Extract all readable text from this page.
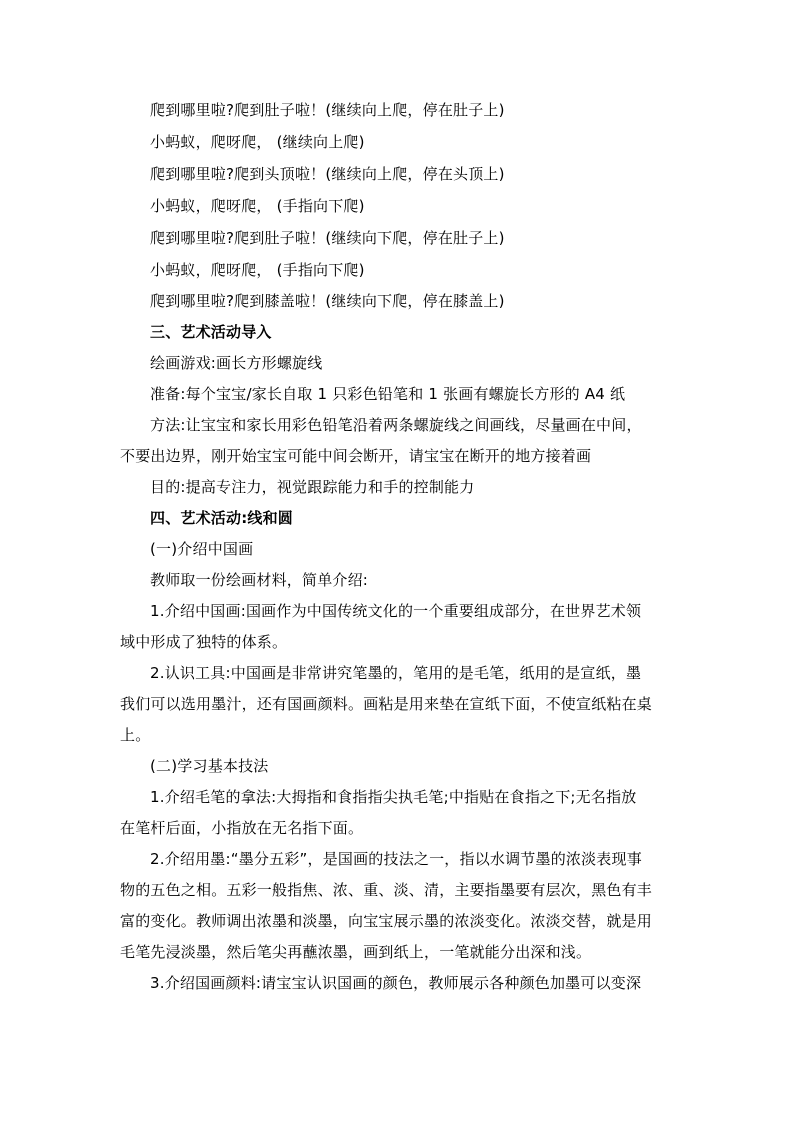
爬到哪里啦?爬到肚子啦！(继续向上爬，停在肚子上)
小蚂蚁，爬呀爬， (继续向上爬)
爬到哪里啦?爬到头顶啦！(继续向上爬，停在头顶上)
小蚂蚁，爬呀爬， (手指向下爬)
爬到哪里啦?爬到肚子啦！(继续向下爬，停在肚子上)
小蚂蚁，爬呀爬， (手指向下爬)
爬到哪里啦?爬到膝盖啦！(继续向下爬，停在膝盖上)
三、艺术活动导入
绘画游戏:画长方形螺旋线
准备:每个宝宝/家长自取 1 只彩色铅笔和 1 张画有螺旋长方形的 A4 纸
方法:让宝宝和家长用彩色铅笔沿着两条螺旋线之间画线，尽量画在中间，
不要出边界，刚开始宝宝可能中间会断开，请宝宝在断开的地方接着画
目的:提高专注力，视觉跟踪能力和手的控制能力
四、艺术活动:线和圆
(一)介绍中国画
教师取一份绘画材料，简单介绍:
1.介绍中国画:国画作为中国传统文化的一个重要组成部分，在世界艺术领
域中形成了独特的体系。
2.认识工具:中国画是非常讲究笔墨的，笔用的是毛笔，纸用的是宣纸，墨
我们可以选用墨汁，还有国画颜料。画粘是用来垫在宣纸下面，不使宣纸粘在桌
上。
(二)学习基本技法
1.介绍毛笔的拿法:大拇指和食指指尖执毛笔;中指贴在食指之下;无名指放
在笔杆后面，小指放在无名指下面。
2.介绍用墨:“墨分五彩”，是国画的技法之一，指以水调节墨的浓淡表现事
物的五色之相。五彩一般指焦、浓、重、淡、清，主要指墨要有层次，黑色有丰
富的变化。教师调出浓墨和淡墨，向宝宝展示墨的浓淡变化。浓淡交替，就是用
毛笔先浸淡墨，然后笔尖再蘸浓墨，画到纸上，一笔就能分出深和浅。
3.介绍国画颜料:请宝宝认识国画的颜色，教师展示各种颜色加墨可以变深
